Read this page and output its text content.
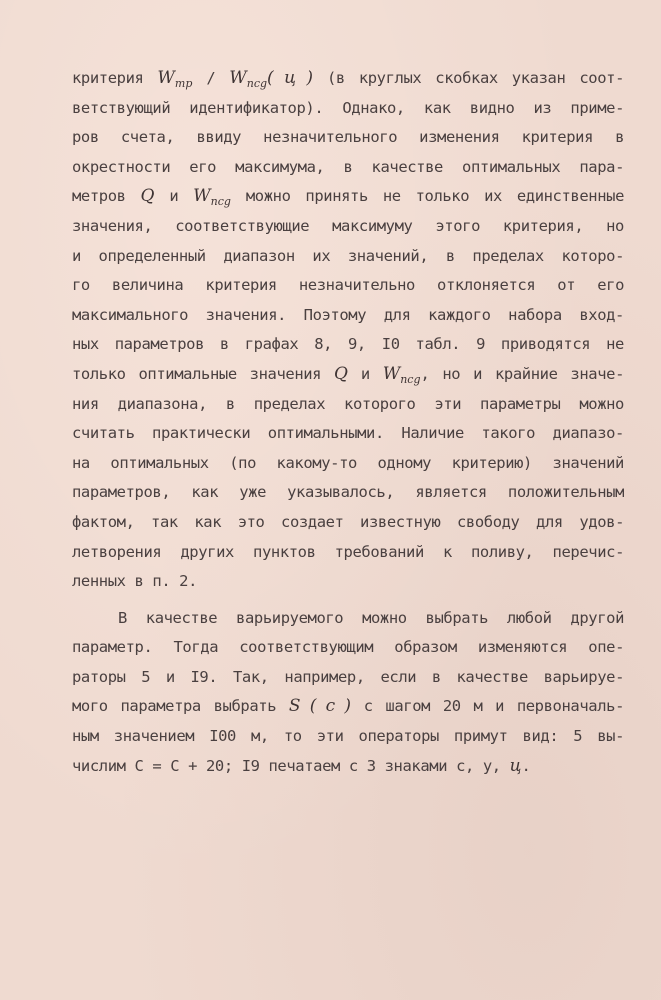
критерия $W_{тр} / W_{псg}$( ц ) (в круглых скобках указан соот-
ветствующий идентификатор). Однако, как видно из приме-
ров счета, ввиду незначительного изменения критерия в
окрестности его максимума, в качестве оптимальных пара-
метров Q и $W_{псg}$ можно принять не только их единственные
значения, соответствующие максимуму этого критерия, но
и определенный диапазон их значений, в пределах которо-
го величина критерия незначительно отклоняется от его
максимального значения. Поэтому для каждого набора вход-
ных параметров в графах 8, 9, I0 табл. 9 приводятся не
только оптимальные значения Q и $W_{псg}$, но и крайние значе-
ния диапазона, в пределах которого эти параметры можно
считать практически оптимальными. Наличие такого диапазо-
на оптимальных (по какому-то одному критерию) значений
параметров, как уже указывалось, является положительным
фактом, так как это создает известную свободу для удов-
летворения других пунктов требований к поливу, перечис-
ленных в п. 2.
В качестве варьируемого можно выбрать любой другой
параметр. Тогда соответствующим образом изменяются опе-
раторы 5 и I9. Так, например, если в качестве варьируе-
мого параметра выбрать S ( c ) с шагом 20 м и первоначаль-
ным значением I00 м, то эти операторы примут вид: 5 вы-
числим С = С + 20; I9 печатаем с 3 знаками с, у, ц.
